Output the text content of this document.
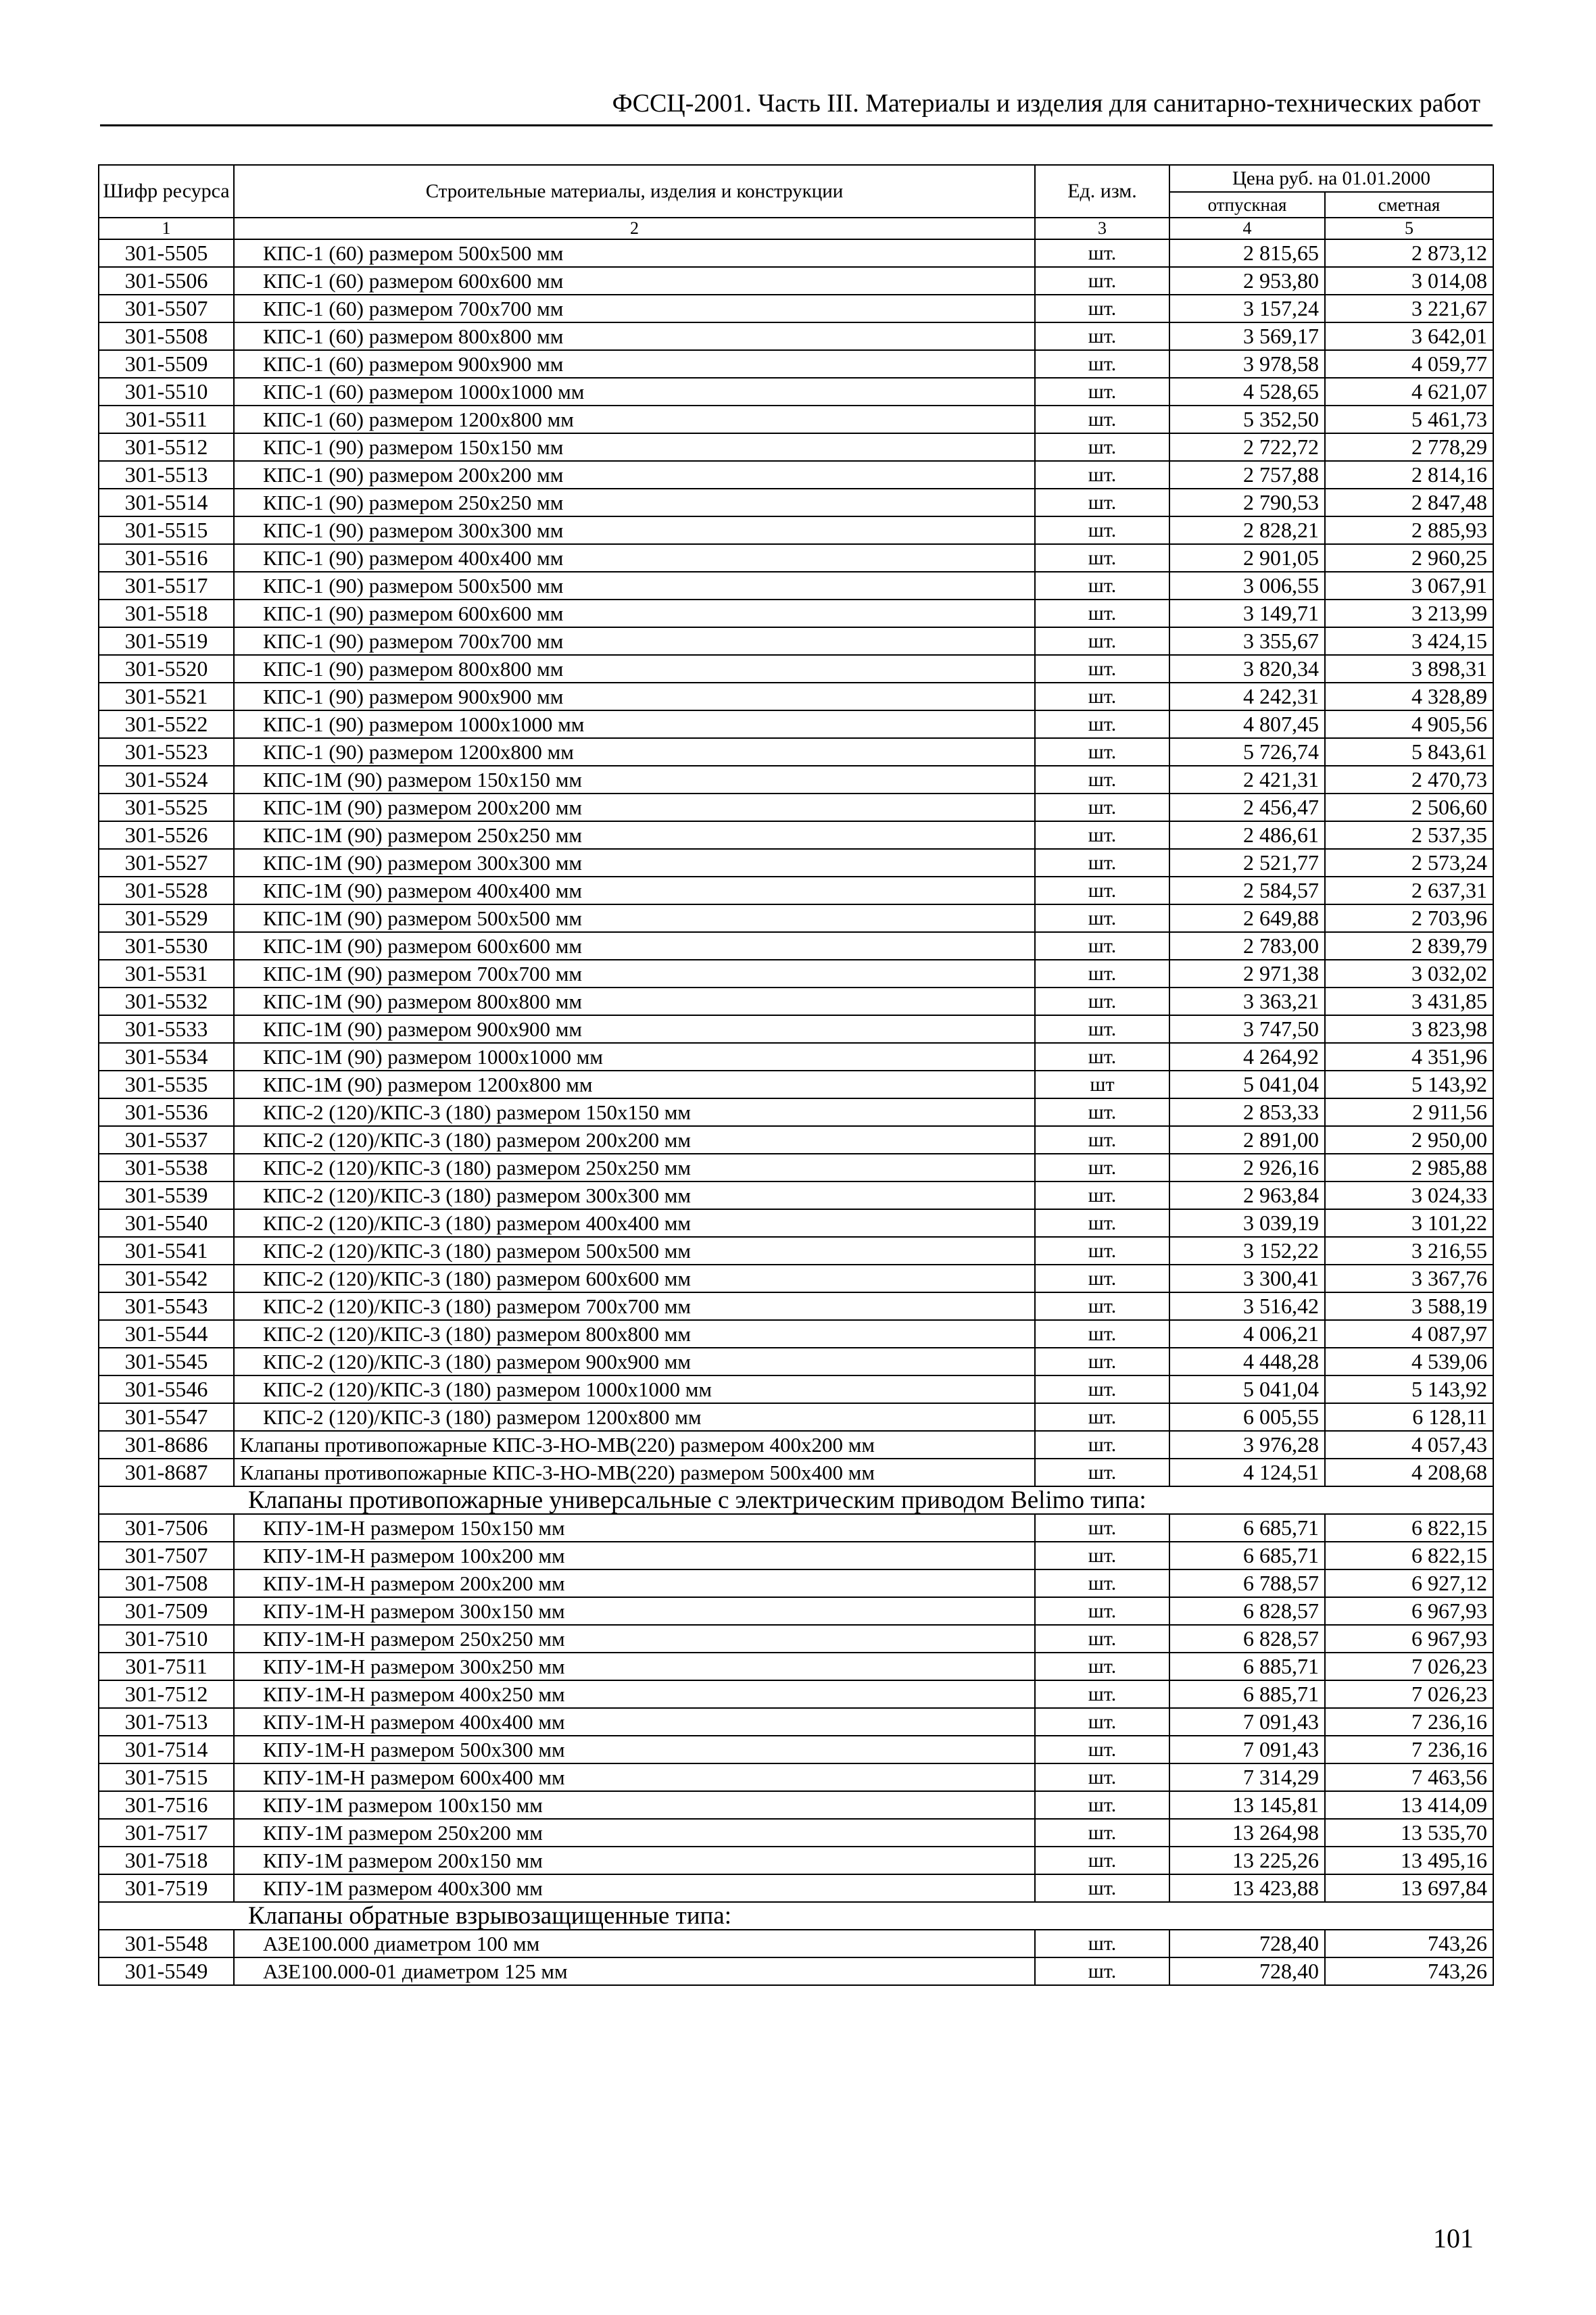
ФССЦ-2001. Часть III. Материалы и изделия для санитарно-технических работ
Шифр ресурса	Строительные материалы, изделия и конструкции	Ед. изм.	Цена руб. на 01.01.2000	
			отпускная	сметная
1	2	3	4	5
301-5505	КПС-1 (60) размером 500х500 мм	шт.	2 815,65	2 873,12
301-5506	КПС-1 (60) размером 600х600 мм	шт.	2 953,80	3 014,08
301-5507	КПС-1 (60) размером 700х700 мм	шт.	3 157,24	3 221,67
301-5508	КПС-1 (60) размером 800х800 мм	шт.	3 569,17	3 642,01
301-5509	КПС-1 (60) размером 900х900 мм	шт.	3 978,58	4 059,77
301-5510	КПС-1 (60) размером 1000х1000 мм	шт.	4 528,65	4 621,07
301-5511	КПС-1 (60) размером 1200х800 мм	шт.	5 352,50	5 461,73
301-5512	КПС-1 (90) размером 150х150 мм	шт.	2 722,72	2 778,29
301-5513	КПС-1 (90) размером 200х200 мм	шт.	2 757,88	2 814,16
301-5514	КПС-1 (90) размером 250х250 мм	шт.	2 790,53	2 847,48
301-5515	КПС-1 (90) размером 300х300 мм	шт.	2 828,21	2 885,93
301-5516	КПС-1 (90) размером 400х400 мм	шт.	2 901,05	2 960,25
301-5517	КПС-1 (90) размером 500х500 мм	шт.	3 006,55	3 067,91
301-5518	КПС-1 (90) размером 600х600 мм	шт.	3 149,71	3 213,99
301-5519	КПС-1 (90) размером 700х700 мм	шт.	3 355,67	3 424,15
301-5520	КПС-1 (90) размером 800х800 мм	шт.	3 820,34	3 898,31
301-5521	КПС-1 (90) размером 900х900 мм	шт.	4 242,31	4 328,89
301-5522	КПС-1 (90) размером 1000х1000 мм	шт.	4 807,45	4 905,56
301-5523	КПС-1 (90) размером 1200х800 мм	шт.	5 726,74	5 843,61
301-5524	КПС-1М (90) размером 150х150 мм	шт.	2 421,31	2 470,73
301-5525	КПС-1М (90) размером 200х200 мм	шт.	2 456,47	2 506,60
301-5526	КПС-1М (90) размером 250х250 мм	шт.	2 486,61	2 537,35
301-5527	КПС-1М (90) размером 300х300 мм	шт.	2 521,77	2 573,24
301-5528	КПС-1М (90) размером 400х400 мм	шт.	2 584,57	2 637,31
301-5529	КПС-1М (90) размером 500х500 мм	шт.	2 649,88	2 703,96
301-5530	КПС-1М (90) размером 600х600 мм	шт.	2 783,00	2 839,79
301-5531	КПС-1М (90) размером 700х700 мм	шт.	2 971,38	3 032,02
301-5532	КПС-1М (90) размером 800х800 мм	шт.	3 363,21	3 431,85
301-5533	КПС-1М (90) размером 900х900 мм	шт.	3 747,50	3 823,98
301-5534	КПС-1М (90) размером 1000х1000 мм	шт.	4 264,92	4 351,96
301-5535	КПС-1М (90) размером 1200х800 мм	шт	5 041,04	5 143,92
301-5536	КПС-2 (120)/КПС-3 (180) размером 150х150 мм	шт.	2 853,33	2 911,56
301-5537	КПС-2 (120)/КПС-3 (180) размером 200х200 мм	шт.	2 891,00	2 950,00
301-5538	КПС-2 (120)/КПС-3 (180) размером 250х250 мм	шт.	2 926,16	2 985,88
301-5539	КПС-2 (120)/КПС-3 (180) размером 300х300 мм	шт.	2 963,84	3 024,33
301-5540	КПС-2 (120)/КПС-3 (180) размером 400х400 мм	шт.	3 039,19	3 101,22
301-5541	КПС-2 (120)/КПС-3 (180) размером 500х500 мм	шт.	3 152,22	3 216,55
301-5542	КПС-2 (120)/КПС-3 (180) размером 600х600 мм	шт.	3 300,41	3 367,76
301-5543	КПС-2 (120)/КПС-3 (180) размером 700х700 мм	шт.	3 516,42	3 588,19
301-5544	КПС-2 (120)/КПС-3 (180) размером 800х800 мм	шт.	4 006,21	4 087,97
301-5545	КПС-2 (120)/КПС-3 (180) размером 900х900 мм	шт.	4 448,28	4 539,06
301-5546	КПС-2 (120)/КПС-3 (180) размером 1000х1000 мм	шт.	5 041,04	5 143,92
301-5547	КПС-2 (120)/КПС-3 (180) размером 1200х800 мм	шт.	6 005,55	6 128,11
301-8686	Клапаны противопожарные КПС-3-НО-МВ(220) размером 400х200 мм	шт.	3 976,28	4 057,43
301-8687	Клапаны противопожарные КПС-3-НО-МВ(220) размером 500х400 мм	шт.	4 124,51	4 208,68
Клапаны противопожарные универсальные с электрическим приводом Belimo типа:				
301-7506	КПУ-1М-Н размером 150х150 мм	шт.	6 685,71	6 822,15
301-7507	КПУ-1М-Н размером 100х200 мм	шт.	6 685,71	6 822,15
301-7508	КПУ-1М-Н размером 200х200 мм	шт.	6 788,57	6 927,12
301-7509	КПУ-1М-Н размером 300х150 мм	шт.	6 828,57	6 967,93
301-7510	КПУ-1М-Н размером 250х250 мм	шт.	6 828,57	6 967,93
301-7511	КПУ-1М-Н размером 300х250 мм	шт.	6 885,71	7 026,23
301-7512	КПУ-1М-Н размером 400х250 мм	шт.	6 885,71	7 026,23
301-7513	КПУ-1М-Н размером 400х400 мм	шт.	7 091,43	7 236,16
301-7514	КПУ-1М-Н размером 500х300 мм	шт.	7 091,43	7 236,16
301-7515	КПУ-1М-Н размером 600х400 мм	шт.	7 314,29	7 463,56
301-7516	КПУ-1М размером 100х150 мм	шт.	13 145,81	13 414,09
301-7517	КПУ-1М размером 250х200 мм	шт.	13 264,98	13 535,70
301-7518	КПУ-1М размером 200х150 мм	шт.	13 225,26	13 495,16
301-7519	КПУ-1М размером 400х300 мм	шт.	13 423,88	13 697,84
Клапаны обратные взрывозащищенные типа:				
301-5548	АЗЕ100.000 диаметром 100 мм	шт.	728,40	743,26
301-5549	АЗЕ100.000-01 диаметром 125 мм	шт.	728,40	743,26
101
